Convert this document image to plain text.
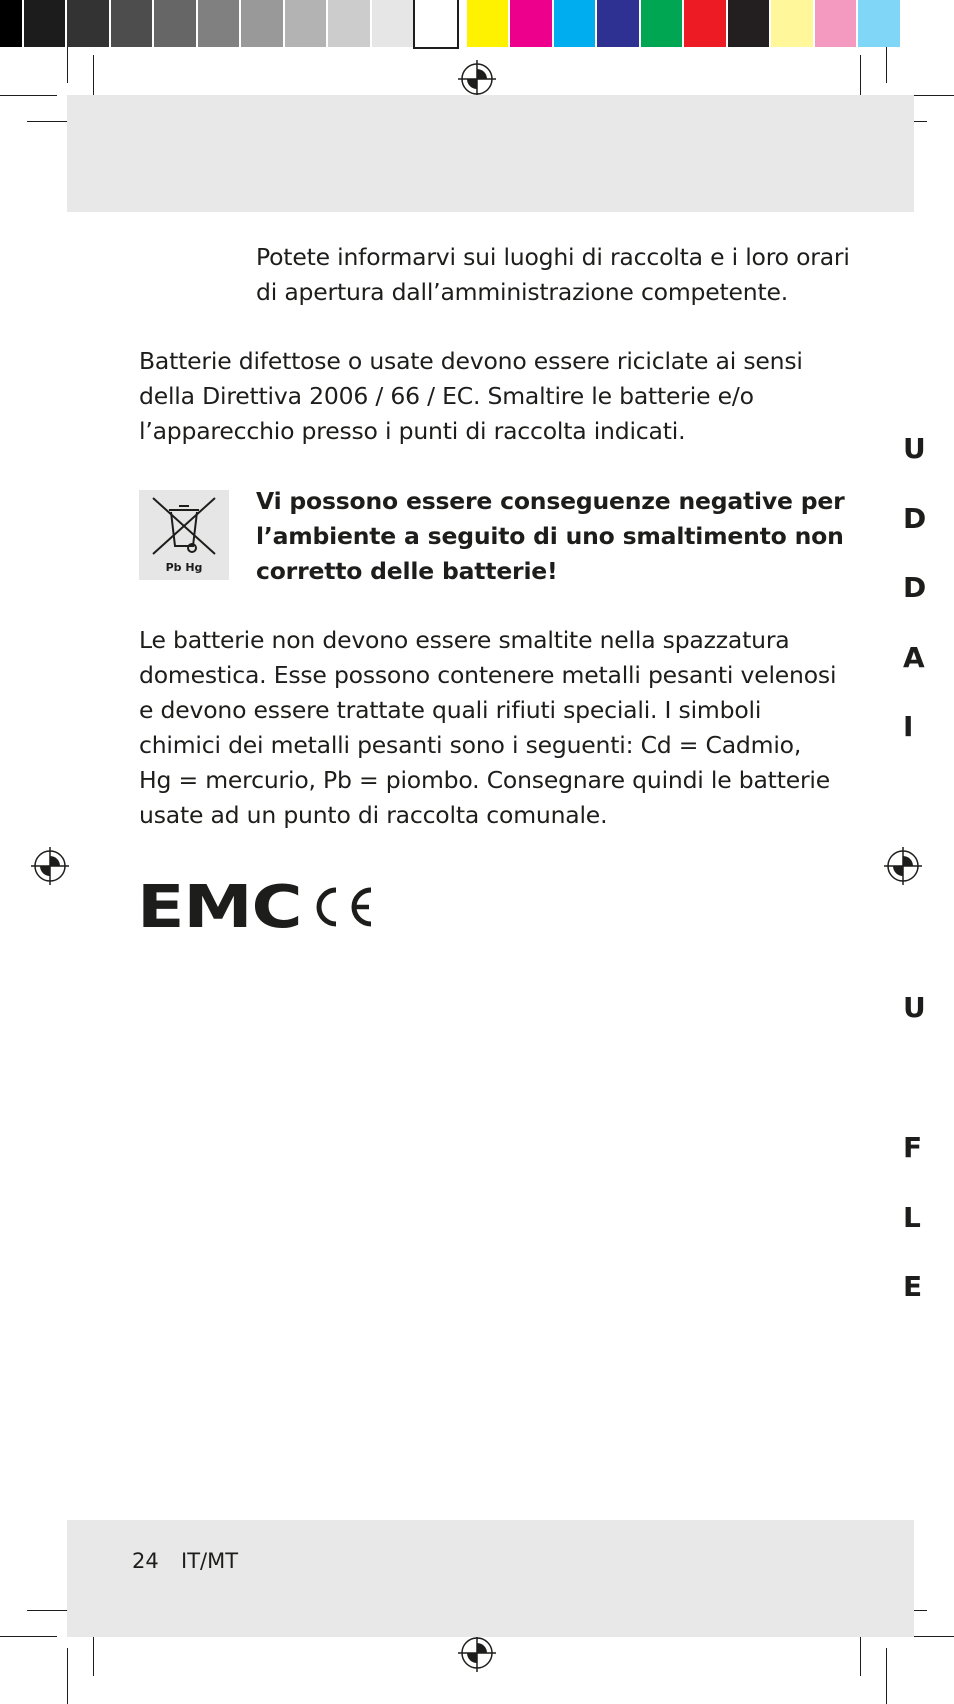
Potete informarvi sui luoghi di raccolta e i loro orari di apertura dall’amministrazione competente.

Batterie difettose o usate devono essere riciclate ai sensi della Direttiva 2006 / 66 / EC. Smaltire le batterie e/o l’apparecchio presso i punti di raccolta indicati.

Pb Hg

Vi possono essere conseguenze negative per l’ambiente a seguito di uno smaltimento non corretto delle batterie!

Le batterie non devono essere smaltite nella spazzatura domestica. Esse possono contenere metalli pesanti velenosi e devono essere trattate quali rifiuti speciali. I simboli chimici dei metalli pesanti sono i seguenti: Cd = Cadmio, Hg = mercurio, Pb = piombo. Consegnare quindi le batterie usate ad un punto di raccolta comunale.

EMC
24 IT/MT
U
D
D
A
I
U
F
L
E
